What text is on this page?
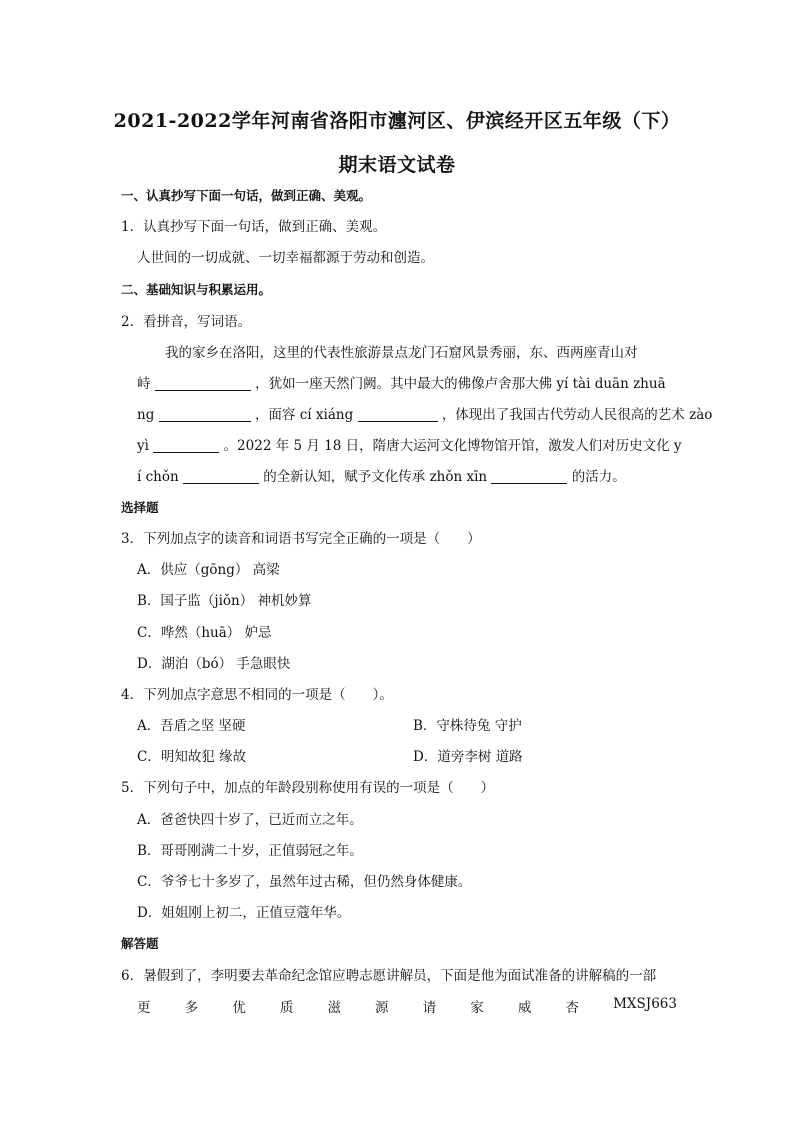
2021-2022学年河南省洛阳市瀍河区、伊滨经开区五年级（下）
期末语文试卷
一、认真抄写下面一句话，做到正确、美观。
1．认真抄写下面一句话，做到正确、美观。
人世间的一切成就、一切幸福都源于劳动和创造。
二、基础知识与积累运用。
2．看拼音，写词语。
我的家乡在洛阳，这里的代表性旅游景点龙门石窟风景秀丽，东、西两座青山对
峙	，犹如一座天然门阙。其中最大的佛像卢舍那大佛 yí tài duān zhuā
ng	，面容 cí xiáng	，体现出了我国古代劳动人民很高的艺术 zào
yì	。2022 年 5 月 18 日，隋唐大运河文化博物馆开馆，激发人们对历史文化 y
í chǒn	的全新认知，赋予文化传承 zhǒn xīn	的活力。
选择题
3．下列加点字的读音和词语书写完全正确的一项是（　　）
A．供应（gōng） 高梁
B．国子监（jiǒn） 神机妙算
C．哗然（huā） 妒忌
D．湖泊（bó） 手急眼快
4．下列加点字意思不相同的一项是（　　）。
A．吾盾之坚 坚硬	B．守株待兔 守护
C．明知故犯 缘故	D．道旁李树 道路
5．下列句子中，加点的年龄段别称使用有误的一项是（　　）
A．爸爸快四十岁了，已近而立之年。
B．哥哥刚满二十岁，正值弱冠之年。
C．爷爷七十多岁了，虽然年过古稀，但仍然身体健康。
D．姐姐刚上初二，正值豆蔻年华。
解答题
6．暑假到了，李明要去革命纪念馆应聘志愿讲解员，下面是他为面试准备的讲解稿的一部
更	多	优	质	滋	源	请	家	威	杏	MXSJ663
